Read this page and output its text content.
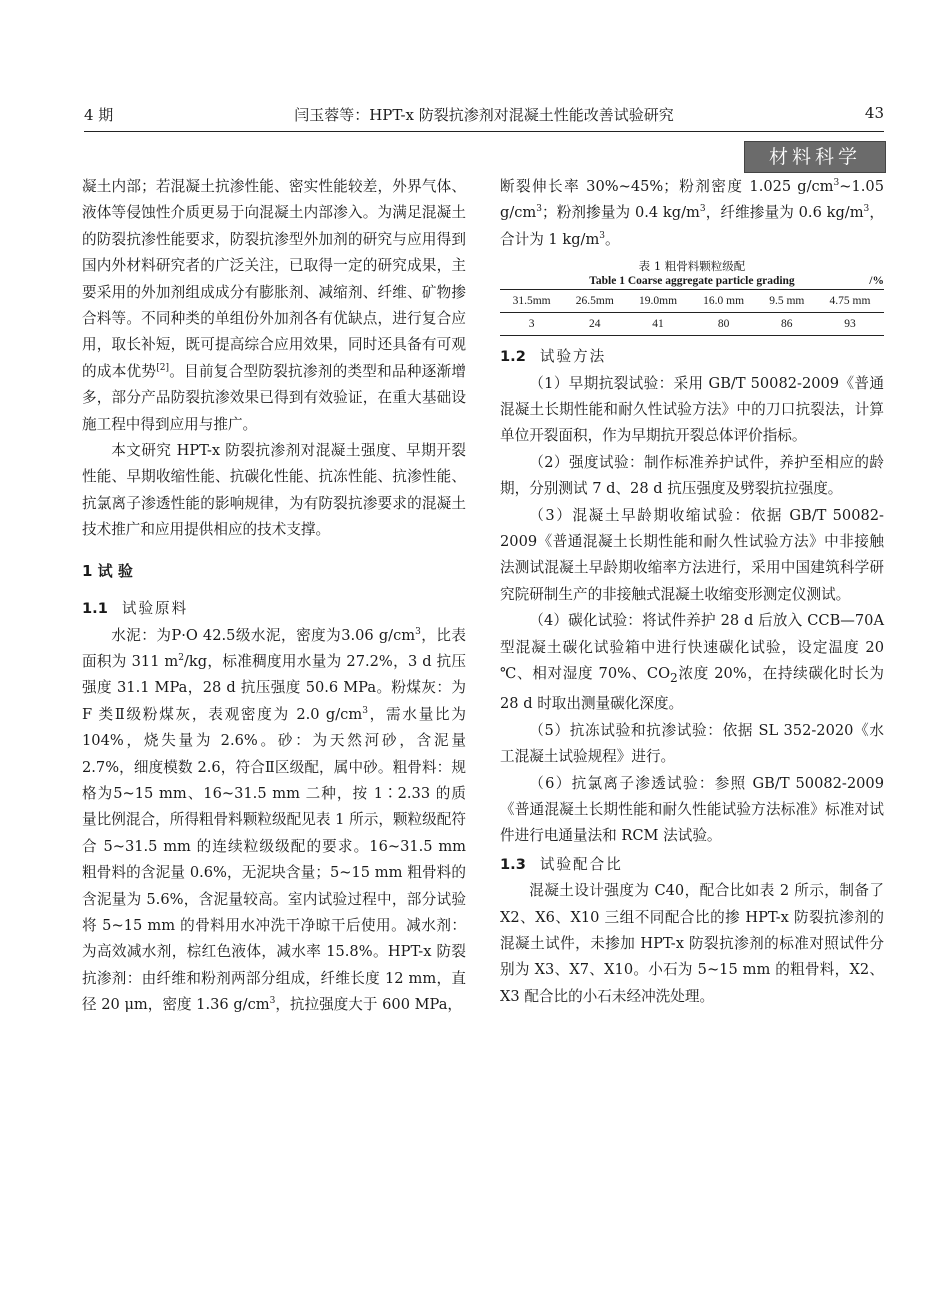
4 期	闫玉蓉等：HPT-x 防裂抗渗剂对混凝土性能改善试验研究	43
材料科学

凝土内部；若混凝土抗渗性能、密实性能较差，外界气体、液体等侵蚀性介质更易于向混凝土内部渗入。为满足混凝土的防裂抗渗性能要求，防裂抗渗型外加剂的研究与应用得到国内外材料研究者的广泛关注，已取得一定的研究成果，主要采用的外加剂组成成分有膨胀剂、减缩剂、纤维、矿物掺合料等。不同种类的单组份外加剂各有优缺点，进行复合应用，取长补短，既可提高综合应用效果，同时还具备有可观的成本优势[2]。目前复合型防裂抗渗剂的类型和品种逐渐增多，部分产品防裂抗渗效果已得到有效验证，在重大基础设施工程中得到应用与推广。

本文研究 HPT-x 防裂抗渗剂对混凝土强度、早期开裂性能、早期收缩性能、抗碳化性能、抗冻性能、抗渗性能、抗氯离子渗透性能的影响规律，为有防裂抗渗要求的混凝土技术推广和应用提供相应的技术支撑。

1 试 验
1.1 试验原料

水泥：为P·O 42.5级水泥，密度为3.06 $g/cm^3$，比表面积为 311 $m^2/kg$，标准稠度用水量为 27.2%，3 d 抗压强度 31.1 MPa，28 d 抗压强度 50.6 MPa。粉煤灰：为 F 类Ⅱ级粉煤灰，表观密度为 2.0 $g/cm^3$，需水量比为 104%，烧失量为 2.6%。砂：为天然河砂，含泥量 2.7%，细度模数 2.6，符合Ⅱ区级配，属中砂。粗骨料：规格为5~15 mm、16~31.5 mm 二种，按 1∶2.33 的质量比例混合，所得粗骨料颗粒级配见表 1 所示，颗粒级配符合 5~31.5 mm 的连续粒级级配的要求。16~31.5 mm 粗骨料的含泥量 0.6%，无泥块含量；5~15 mm 粗骨料的含泥量为 5.6%，含泥量较高。室内试验过程中，部分试验将 5~15 mm 的骨料用水冲洗干净晾干后使用。减水剂：为高效减水剂，棕红色液体，减水率 15.8%。HPT-x 防裂抗渗剂：由纤维和粉剂两部分组成，纤维长度 12 mm，直径 20 μm，密度 1.36 $g/cm^3$，抗拉强度大于 600 MPa，

断裂伸长率 30%~45%；粉剂密度 1.025 $g/cm^3\sim 1.05$ $g/cm^3$；粉剂掺量为 0.4 $kg/m^3$，纤维掺量为 0.6 $kg/m^3$，合计为 1 $kg/m^3$。

表 1 粗骨料颗粒级配
Table 1 Coarse aggregate particle grading	/%
31.5mm	26.5mm	19.0mm	16.0 mm	9.5 mm	4.75 mm
3	24	41	80	86	93
1.2 试验方法

（1）早期抗裂试验：采用 GB/T 50082-2009《普通混凝土长期性能和耐久性试验方法》中的刀口抗裂法，计算单位开裂面积，作为早期抗开裂总体评价指标。

（2）强度试验：制作标准养护试件，养护至相应的龄期，分别测试 7 d、28 d 抗压强度及劈裂抗拉强度。

（3）混凝土早龄期收缩试验：依据 GB/T 50082-2009《普通混凝土长期性能和耐久性试验方法》中非接触法测试混凝土早龄期收缩率方法进行，采用中国建筑科学研究院研制生产的非接触式混凝土收缩变形测定仪测试。

（4）碳化试验：将试件养护 28 d 后放入 CCB—70A 型混凝土碳化试验箱中进行快速碳化试验，设定温度 20 ℃、相对湿度 70%、$CO_2$浓度 20%，在持续碳化时长为 28 d 时取出测量碳化深度。

（5）抗冻试验和抗渗试验：依据 SL 352-2020《水工混凝土试验规程》进行。

（6）抗氯离子渗透试验：参照 GB/T 50082-2009《普通混凝土长期性能和耐久性能试验方法标准》标准对试件进行电通量法和 RCM 法试验。

1.3 试验配合比

混凝土设计强度为 C40，配合比如表 2 所示，制备了 X2、X6、X10 三组不同配合比的掺 HPT-x 防裂抗渗剂的混凝土试件，未掺加 HPT-x 防裂抗渗剂的标准对照试件分别为 X3、X7、X10。小石为 5~15 mm 的粗骨料，X2、X3 配合比的小石未经冲洗处理。
